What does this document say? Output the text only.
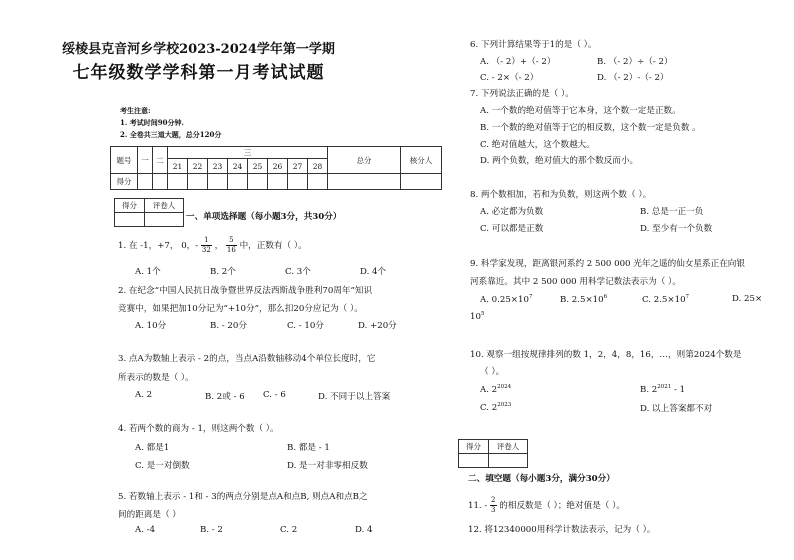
绥棱县克音河乡学校2023-2024学年第一学期
七年级数学学科第一月考试试题
考生注意:
1. 考试时间90分钟.
2. 全卷共三道大题，总分120分
题号	一	二	三								总分	核分人
			21	22	23	24	25	26	27	28		
得分												
得分	评卷人

一、单项选择题（每小题3分，共30分）
1. 在 -1，+7， 0，- $\frac{1}{32}$ ， $\frac{5}{16}$ 中，正数有（ ）。
A. 1个	B. 2个	C. 3个	D. 4个
2. 在纪念“中国人民抗日战争暨世界反法西斯战争胜利70周年”知识
竞赛中，如果把加10分记为“+10分”，那么扣20分应记为（ ）。
A. 10分	B. - 20分	C. - 10分	D. +20分
3. 点A为数轴上表示 - 2的点，当点A沿数轴移动4个单位长度时，它
所表示的数是（ ）。
A. 2	B. 2或 - 6 C. - 6	D. 不同于以上答案
4. 若两个数的商为 - 1，则这两个数（ ）。
A. 都是1	B. 都是 - 1
C. 是一对倒数	D. 是一对非零相反数
5. 若数轴上表示 - 1和 - 3的两点分别是点A和点B, 则点A和点B之
间的距离是（ ）
A. -4	B. - 2	C. 2	D. 4
6. 下列计算结果等于1的是（ ）。
A. （- 2）+（- 2）	B. （- 2）÷（- 2）
C. - 2×（- 2）	D. （- 2）-（- 2）
7. 下列说法正确的是（ ）。
A. 一个数的绝对值等于它本身，这个数一定是正数。
B. 一个数的绝对值等于它的相反数，这个数一定是负数 。
C. 绝对值越大，这个数越大。
D. 两个负数，绝对值大的那个数反而小。
8. 两个数相加，若和为负数，则这两个数（ ）。
A. 必定都为负数	B. 总是一正一负
C. 可以都是正数	D. 至少有一个负数
9. 科学家发现，距离银河系约 2 500 000 光年之遥的仙女星系正在向银
河系靠近。其中 2 500 000 用科学记数法表示为（ ）。
A. $0.25\times 10^7$	B. $2.5\times 10^6$	C. $2.5\times 10^7$	D. 25×
$10^5$
10. 观察一组按规律排列的数 1，2，4，8，16，…，则第2024个数是
（ ）。
A. $2^{2024}$	B. $2^{2021} - 1$
C. $2^{2023}$	D. 以上答案都不对
得分	评卷人

二、填空题（每小题3分，满分30分）
11. - $\frac{2}{3}$ 的相反数是（ ）；绝对值是（ ）。
12. 将12340000用科学计数法表示，记为（ ）。
